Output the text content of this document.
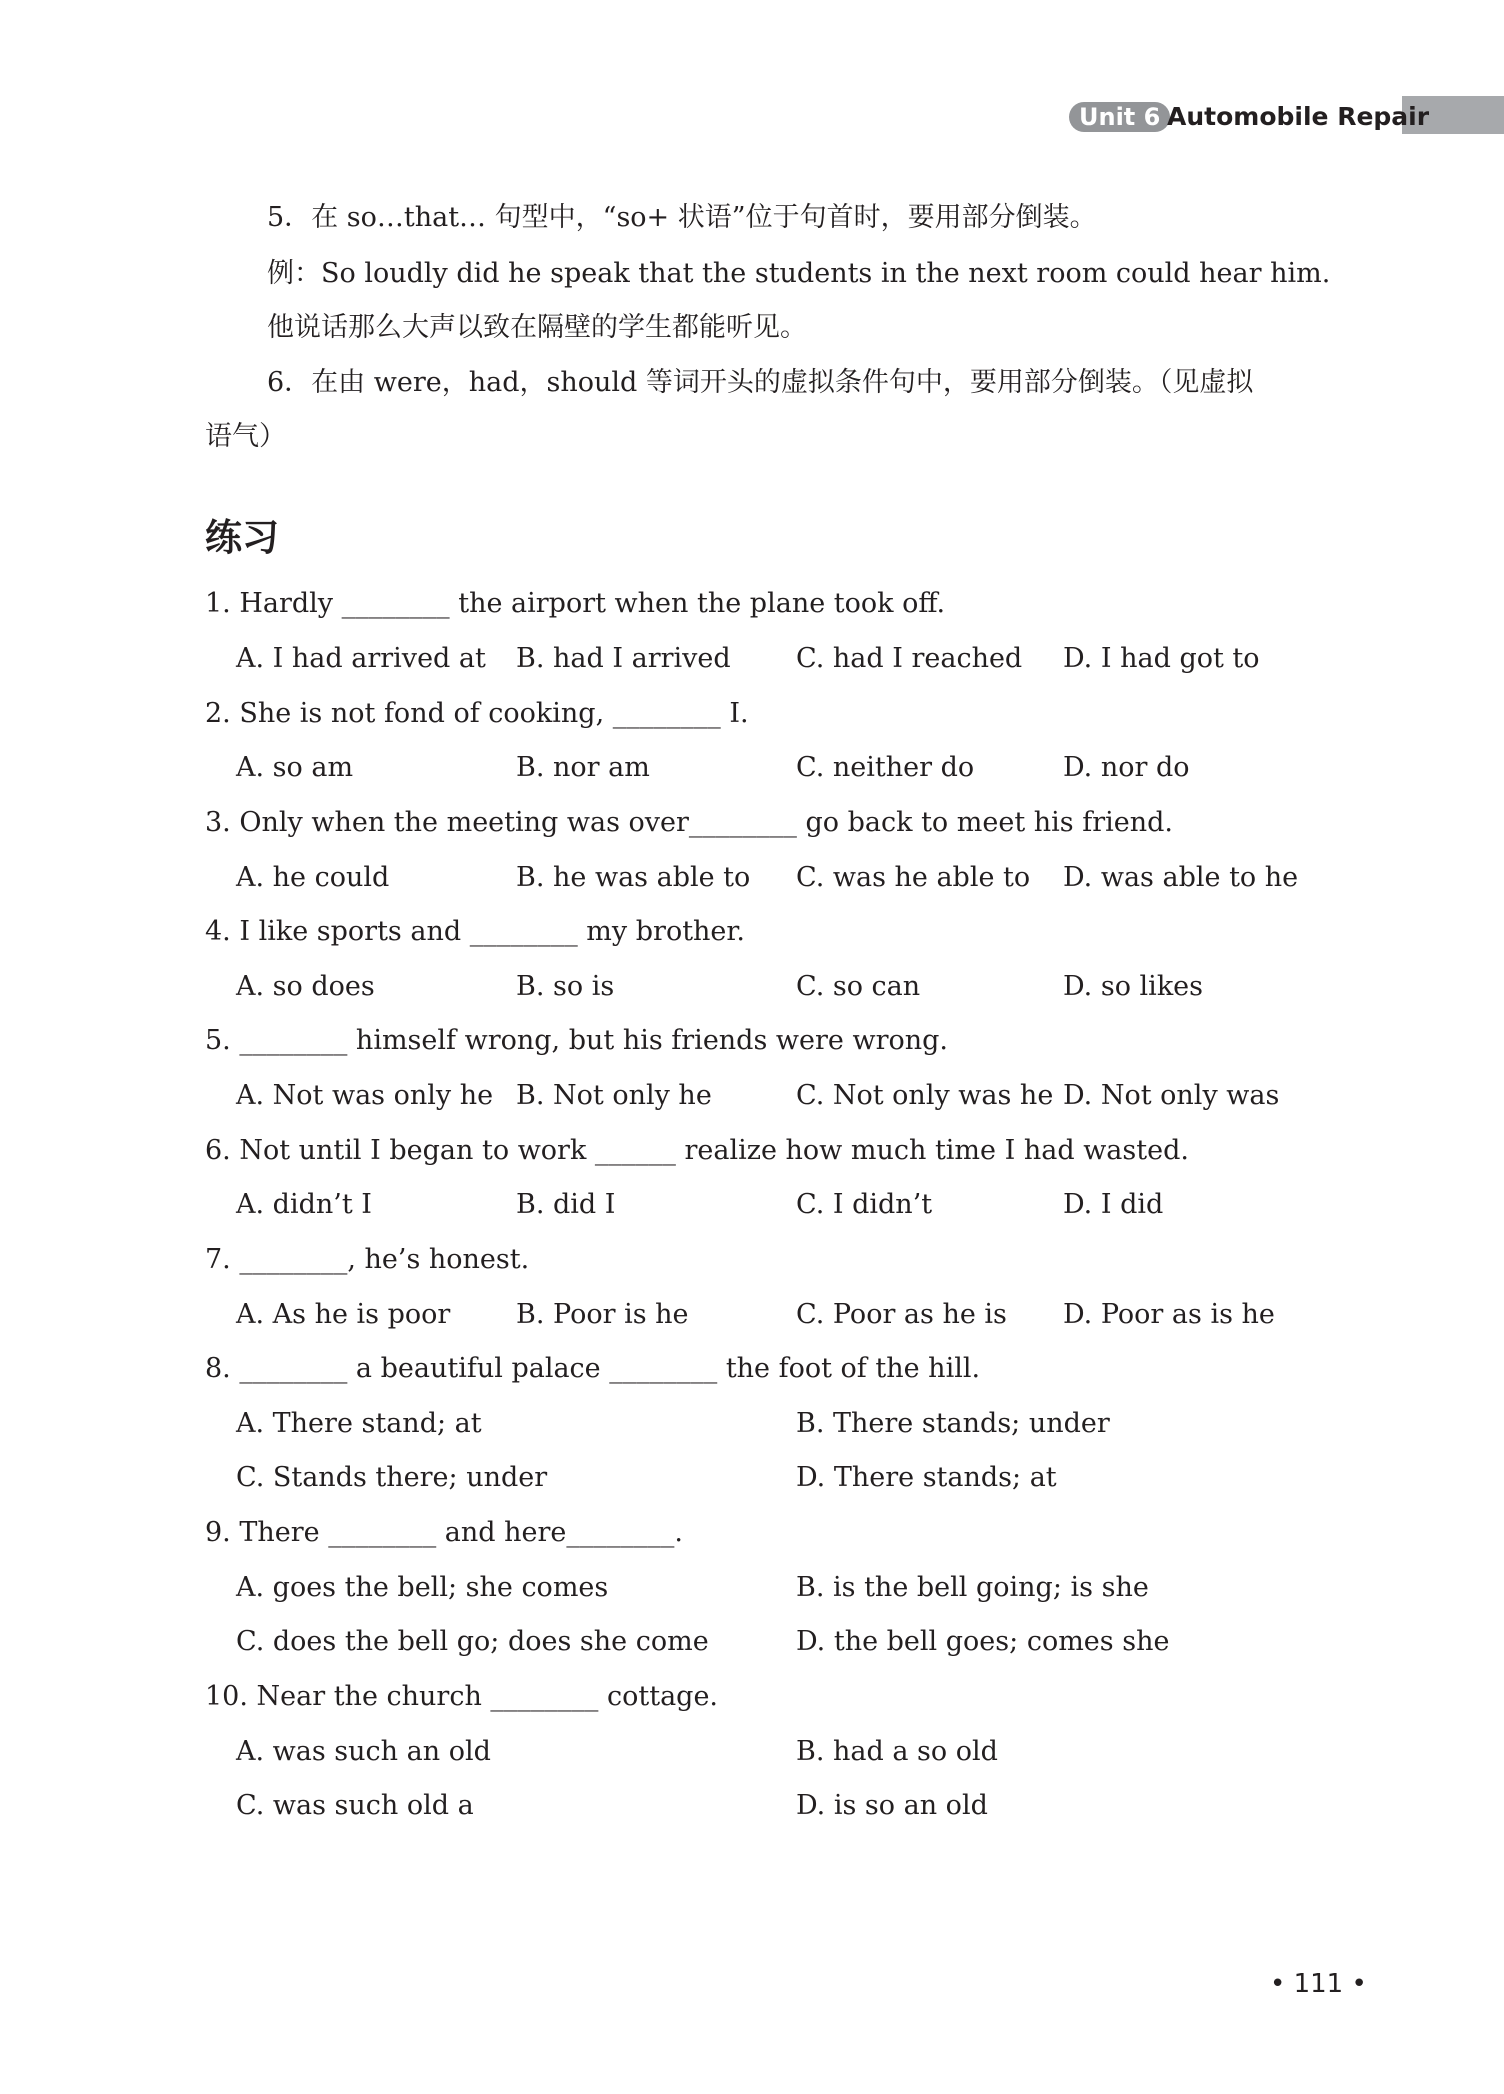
Unit 6 Automobile Repair
5．在 so…that… 句型中，“so+ 状语”位于句首时，要用部分倒装。
例：So loudly did he speak that the students in the next room could hear him.
他说话那么大声以致在隔壁的学生都能听见。
6．在由 were，had，should 等词开头的虚拟条件句中，要用部分倒装。（见虚拟
语气）
练习
1. Hardly ________ the airport when the plane took off.
A. I had arrived at B. had I arrived C. had I reached D. I had got to
2. She is not fond of cooking, ________ I.
A. so am	B. nor am	C. neither do	D. nor do
3. Only when the meeting was over________ go back to meet his friend.
A. he could	B. he was able to C. was he able to D. was able to he
4. I like sports and ________ my brother.
A. so does	B. so is	C. so can	D. so likes
5. ________ himself wrong, but his friends were wrong.
A. Not was only he B. Not only he	C. Not only was he D. Not only was
6. Not until I began to work ______ realize how much time I had wasted.
A. didn’t I	B. did I	C. I didn’t	D. I did
7. ________, he’s honest.
A. As he is poor B. Poor is he	C. Poor as he is D. Poor as is he
8. ________ a beautiful palace ________ the foot of the hill.
A. There stand; at	B. There stands; under
C. Stands there; under	D. There stands; at
9. There ________ and here________.
A. goes the bell; she comes	B. is the bell going; is she
C. does the bell go; does she come	D. the bell goes; comes she
10. Near the church ________ cottage.
A. was such an old	B. had a so old
C. was such old a	D. is so an old
• 111 •
